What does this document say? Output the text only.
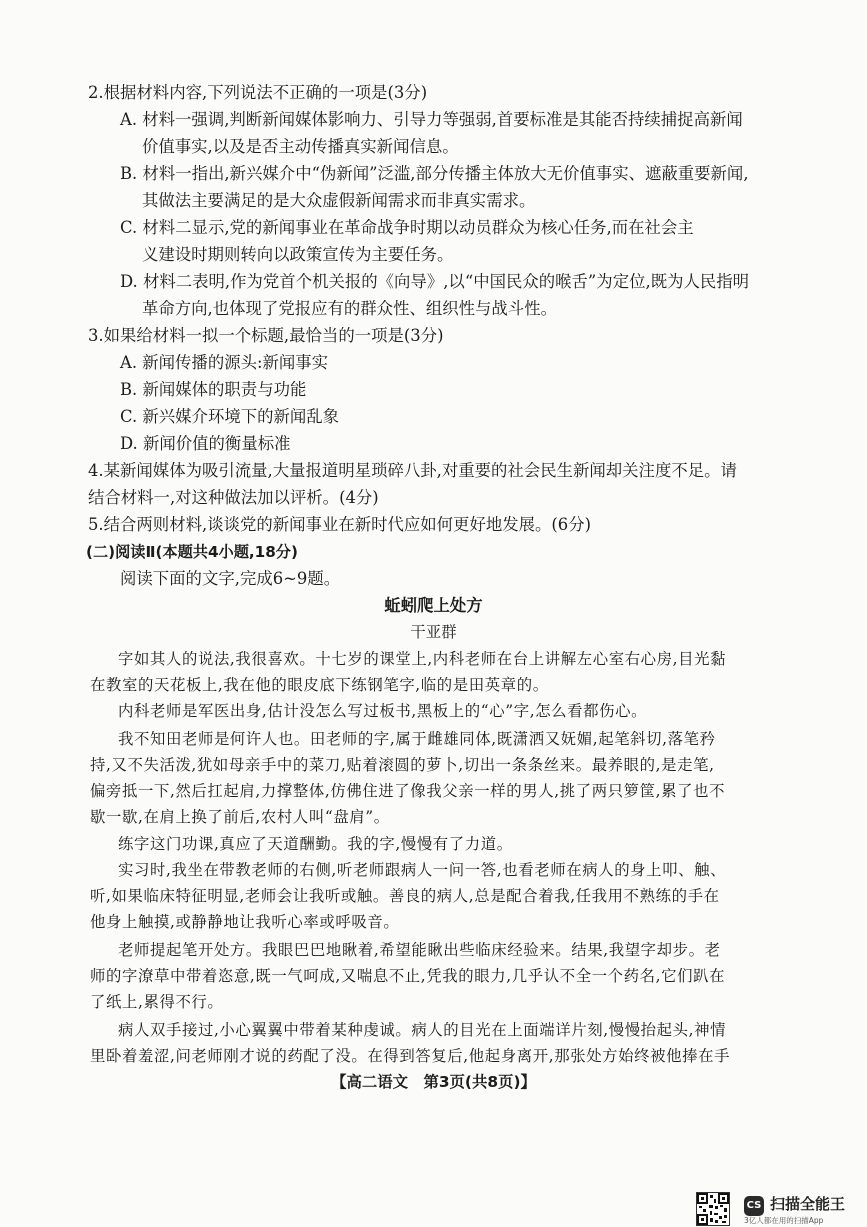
2.根据材料内容,下列说法不正确的一项是(3分)
A. 材料一强调,判断新闻媒体影响力、引导力等强弱,首要标准是其能否持续捕捉高新闻
价值事实,以及是否主动传播真实新闻信息。
B. 材料一指出,新兴媒介中“伪新闻”泛滥,部分传播主体放大无价值事实、遮蔽重要新闻,
其做法主要满足的是大众虚假新闻需求而非真实需求。
C. 材料二显示,党的新闻事业在革命战争时期以动员群众为核心任务,而在社会主
义建设时期则转向以政策宣传为主要任务。
D. 材料二表明,作为党首个机关报的《向导》,以“中国民众的喉舌”为定位,既为人民指明
革命方向,也体现了党报应有的群众性、组织性与战斗性。
3.如果给材料一拟一个标题,最恰当的一项是(3分)
A. 新闻传播的源头:新闻事实
B. 新闻媒体的职责与功能
C. 新兴媒介环境下的新闻乱象
D. 新闻价值的衡量标准
4.某新闻媒体为吸引流量,大量报道明星琐碎八卦,对重要的社会民生新闻却关注度不足。请
结合材料一,对这种做法加以评析。(4分)
5.结合两则材料,谈谈党的新闻事业在新时代应如何更好地发展。(6分)
(二)阅读Ⅱ(本题共4小题,18分)
阅读下面的文字,完成6~9题。
蚯蚓爬上处方
干亚群
字如其人的说法,我很喜欢。十七岁的课堂上,内科老师在台上讲解左心室右心房,目光黏
在教室的天花板上,我在他的眼皮底下练钢笔字,临的是田英章的。
内科老师是军医出身,估计没怎么写过板书,黑板上的“心”字,怎么看都伤心。
我不知田老师是何许人也。田老师的字,属于雌雄同体,既潇洒又妩媚,起笔斜切,落笔矜
持,又不失活泼,犹如母亲手中的菜刀,贴着滚圆的萝卜,切出一条条丝来。最养眼的,是走笔,
偏旁抵一下,然后扛起肩,力撑整体,仿佛住进了像我父亲一样的男人,挑了两只箩筐,累了也不
歇一歇,在肩上换了前后,农村人叫“盘肩”。
练字这门功课,真应了天道酬勤。我的字,慢慢有了力道。
实习时,我坐在带教老师的右侧,听老师跟病人一问一答,也看老师在病人的身上叩、触、
听,如果临床特征明显,老师会让我听或触。善良的病人,总是配合着我,任我用不熟练的手在
他身上触摸,或静静地让我听心率或呼吸音。
老师提起笔开处方。我眼巴巴地瞅着,希望能瞅出些临床经验来。结果,我望字却步。老
师的字潦草中带着恣意,既一气呵成,又喘息不止,凭我的眼力,几乎认不全一个药名,它们趴在
了纸上,累得不行。
病人双手接过,小心翼翼中带着某种虔诚。病人的目光在上面端详片刻,慢慢抬起头,神情
里卧着羞涩,问老师刚才说的药配了没。在得到答复后,他起身离开,那张处方始终被他捧在手
【高二语文　第3页(共8页)】
CS 扫描全能王
3亿人都在用的扫描App
